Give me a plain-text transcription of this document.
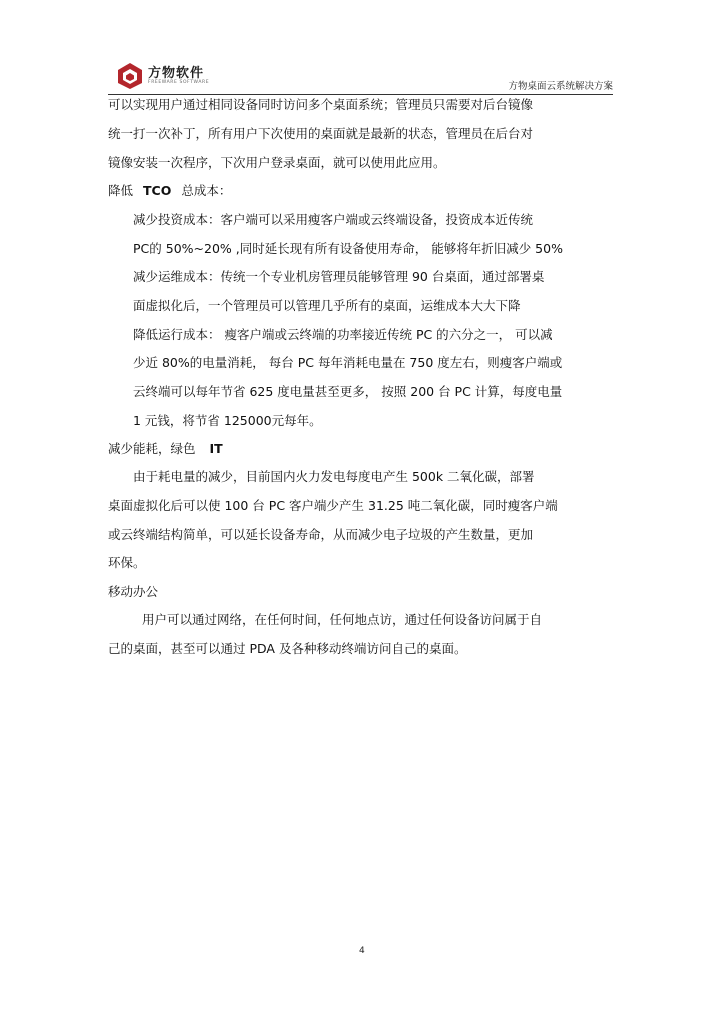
方物软件
FREEWARE SOFTWARE	方物桌面云系统解决方案
可以实现用户通过相同设备同时访问多个桌面系统；管理员只需要对后台镜像
统一打一次补丁，所有用户下次使用的桌面就是最新的状态，管理员在后台对
镜像安装一次程序，下次用户登录桌面，就可以使用此应用。
降低 TCO 总成本：
减少投资成本：客户端可以采用瘦客户端或云终端设备，投资成本近传统
PC的 50%~20% ,同时延长现有所有设备使用寿命， 能够将年折旧减少 50%
减少运维成本：传统一个专业机房管理员能够管理 90 台桌面，通过部署桌
面虚拟化后，一个管理员可以管理几乎所有的桌面，运维成本大大下降
降低运行成本： 瘦客户端或云终端的功率接近传统 PC 的六分之一， 可以减
少近 80%的电量消耗， 每台 PC 每年消耗电量在 750 度左右，则瘦客户端或
云终端可以每年节省 625 度电量甚至更多， 按照 200 台 PC 计算，每度电量
1 元钱，将节省 125000元每年。
减少能耗，绿色 IT
由于耗电量的减少，目前国内火力发电每度电产生 500k 二氧化碳，部署
桌面虚拟化后可以使 100 台 PC 客户端少产生 31.25 吨二氧化碳，同时瘦客户端
或云终端结构简单，可以延长设备寿命，从而减少电子垃圾的产生数量，更加
环保。
移动办公
用户可以通过网络，在任何时间，任何地点访，通过任何设备访问属于自
己的桌面，甚至可以通过 PDA 及各种移动终端访问自己的桌面。
4
